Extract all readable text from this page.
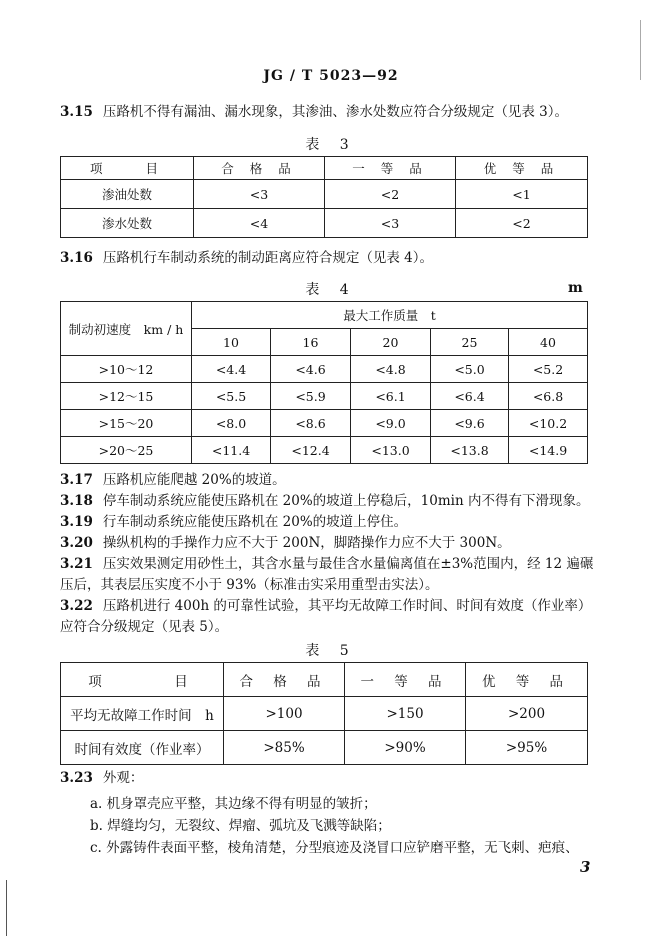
JG / T 5023—92
3.15 压路机不得有漏油、漏水现象，其渗油、渗水处数应符合分级规定（见表 3）。
表 3
项　　目	合 格 品	一 等 品	优 等 品
渗油处数	<3	<2	<1
渗水处数	<4	<3	<2
3.16 压路机行车制动系统的制动距离应符合规定（见表 4）。
表 4	m
制动初速度　km / h	最大工作质量　t				
	10	16	20	25	40
>10～12	<4.4	<4.6	<4.8	<5.0	<5.2
>12～15	<5.5	<5.9	<6.1	<6.4	<6.8
>15～20	<8.0	<8.6	<9.0	<9.6	<10.2
>20～25	<11.4	<12.4	<13.0	<13.8	<14.9
3.17 压路机应能爬越 20%的坡道。
3.18 停车制动系统应能使压路机在 20%的坡道上停稳后，10min 内不得有下滑现象。
3.19 行车制动系统应能使压路机在 20%的坡道上停住。
3.20 操纵机构的手操作力应不大于 200N，脚踏操作力应不大于 300N。
3.21 压实效果测定用砂性土，其含水量与最佳含水量偏离值在±3%范围内，经 12 遍碾压后，其表层压实度不小于 93%（标准击实采用重型击实法）。
3.22 压路机进行 400h 的可靠性试验，其平均无故障工作时间、时间有效度（作业率）应符合分级规定（见表 5）。
表 5
项　　　目	合 格 品	一 等 品	优 等 品
平均无故障工作时间　h	>100	>150	>200
时间有效度（作业率）	>85%	>90%	>95%
3.23 外观：
a. 机身罩壳应平整，其边缘不得有明显的皱折；
b. 焊缝均匀，无裂纹、焊瘤、弧坑及飞溅等缺陷；
c. 外露铸件表面平整，棱角清楚，分型痕迹及浇冒口应铲磨平整，无飞刺、疤痕、
3
